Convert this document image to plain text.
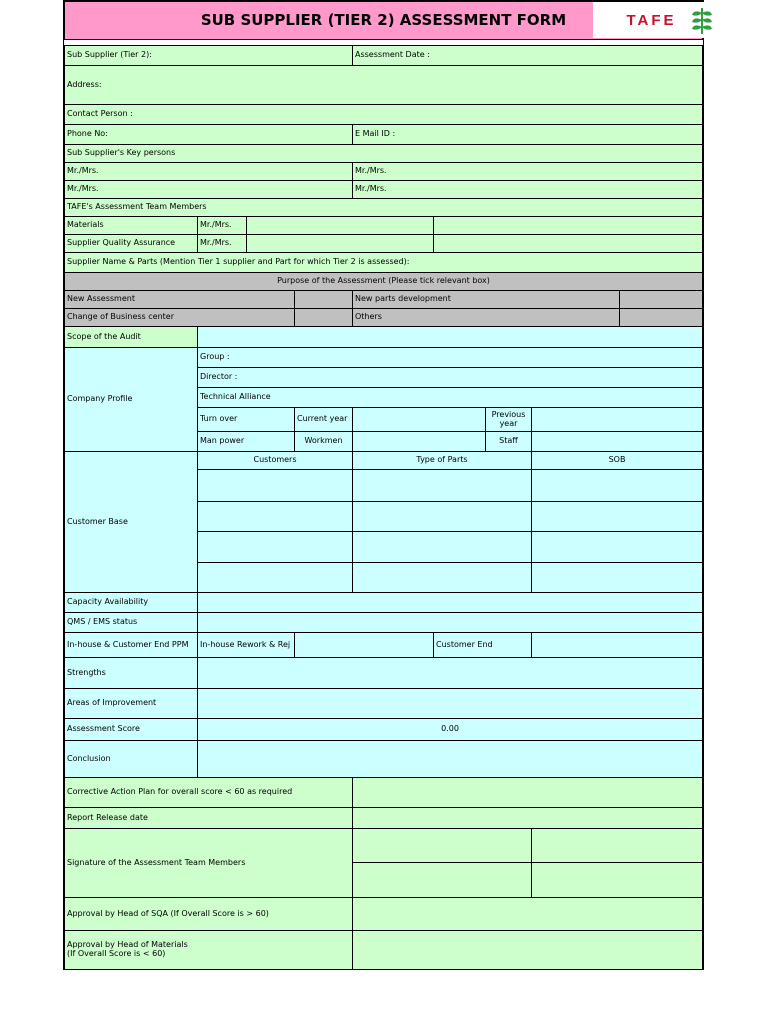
SUB SUPPLIER (TIER 2) ASSESSMENT FORM	TAFE
Sub Supplier (Tier 2):	Assessment Date :
Address:
Contact Person :
Phone No:	E Mail ID :
Sub Supplier's Key persons
Mr./Mrs.	Mr./Mrs.
Mr./Mrs.	Mr./Mrs.
TAFE's Assessment Team Members
Materials	Mr./Mrs.
Supplier Quality Assurance	Mr./Mrs.
Supplier Name & Parts (Mention Tier 1 supplier and Part for which Tier 2 is assessed):
Purpose of the Assessment (Please tick relevant box)
New Assessment	New parts development
Change of Business center	Others
Scope of the Audit
Company Profile
Group :
Director :
Technical Alliance
Turn over	Current year	Previous year
Man power	Workmen	Staff
Customer Base
Customers	Type of Parts	SOB
Capacity Availability
QMS / EMS status
In-house & Customer End PPM	In-house Rework & Rej	Customer End
Strengths
Areas of Improvement
Assessment Score	0.00
Conclusion
Corrective Action Plan for overall score < 60 as required
Report Release date
Signature of the Assessment Team Members
Approval by Head of SQA (If Overall Score is > 60)
Approval by Head of Materials
(If Overall Score is < 60)
